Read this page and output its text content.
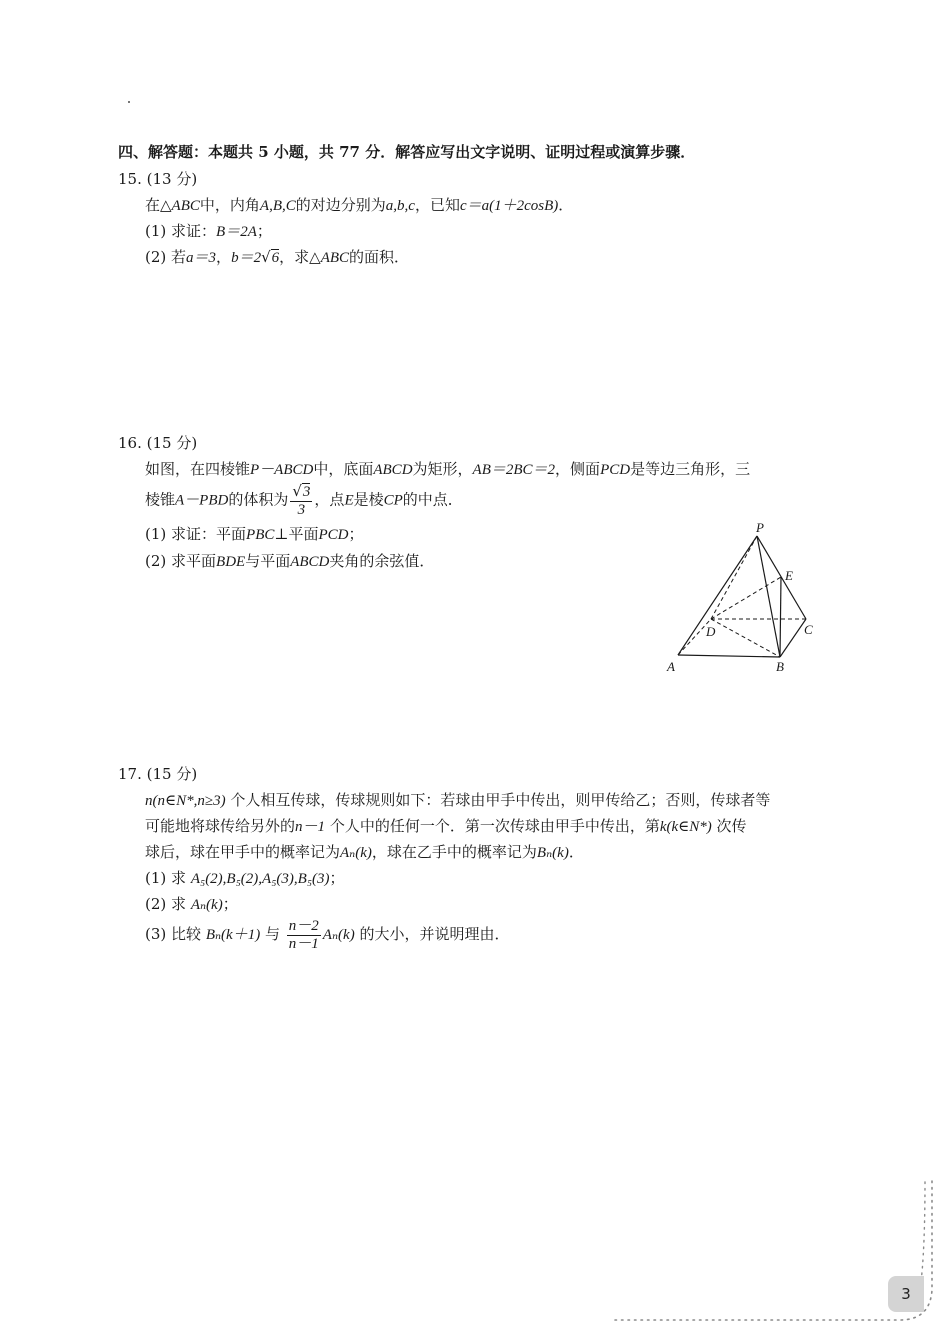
四、解答题：本题共 5 小题，共 77 分．解答应写出文字说明、证明过程或演算步骤．
15. (13 分)
在△ABC中，内角A,B,C的对边分别为a,b,c，已知c＝a(1＋2cosB)．
(1) 求证：B＝2A；
(2) 若a＝3，b＝2√6，求△ABC的面积．
16. (15 分)
如图，在四棱锥P－ABCD中，底面ABCD为矩形，AB＝2BC＝2，侧面PCD是等边三角形，三
棱锥A－PBD的体积为 $\frac{√3}{3}$ ，点E是棱CP的中点．
(1) 求证：平面PBC⊥平面PCD；
(2) 求平面BDE与平面ABCD夹角的余弦值．
P
E
D	C
A	B
17. (15 分)
n(n∈N*,n≥3) 个人相互传球，传球规则如下：若球由甲手中传出，则甲传给乙；否则，传球者等
可能地将球传给另外的n－1 个人中的任何一个．第一次传球由甲手中传出，第k(k∈N*) 次传
球后，球在甲手中的概率记为Aₙ(k)，球在乙手中的概率记为Bₙ(k)．
(1) 求 A₅(2),B₅(2),A₅(3),B₅(3)；
(2) 求 Aₙ(k)；
(3) 比较 Bₙ(k＋1) 与 $\frac{n-2}{n-1} A_n(k)$ 的大小，并说明理由．
3
